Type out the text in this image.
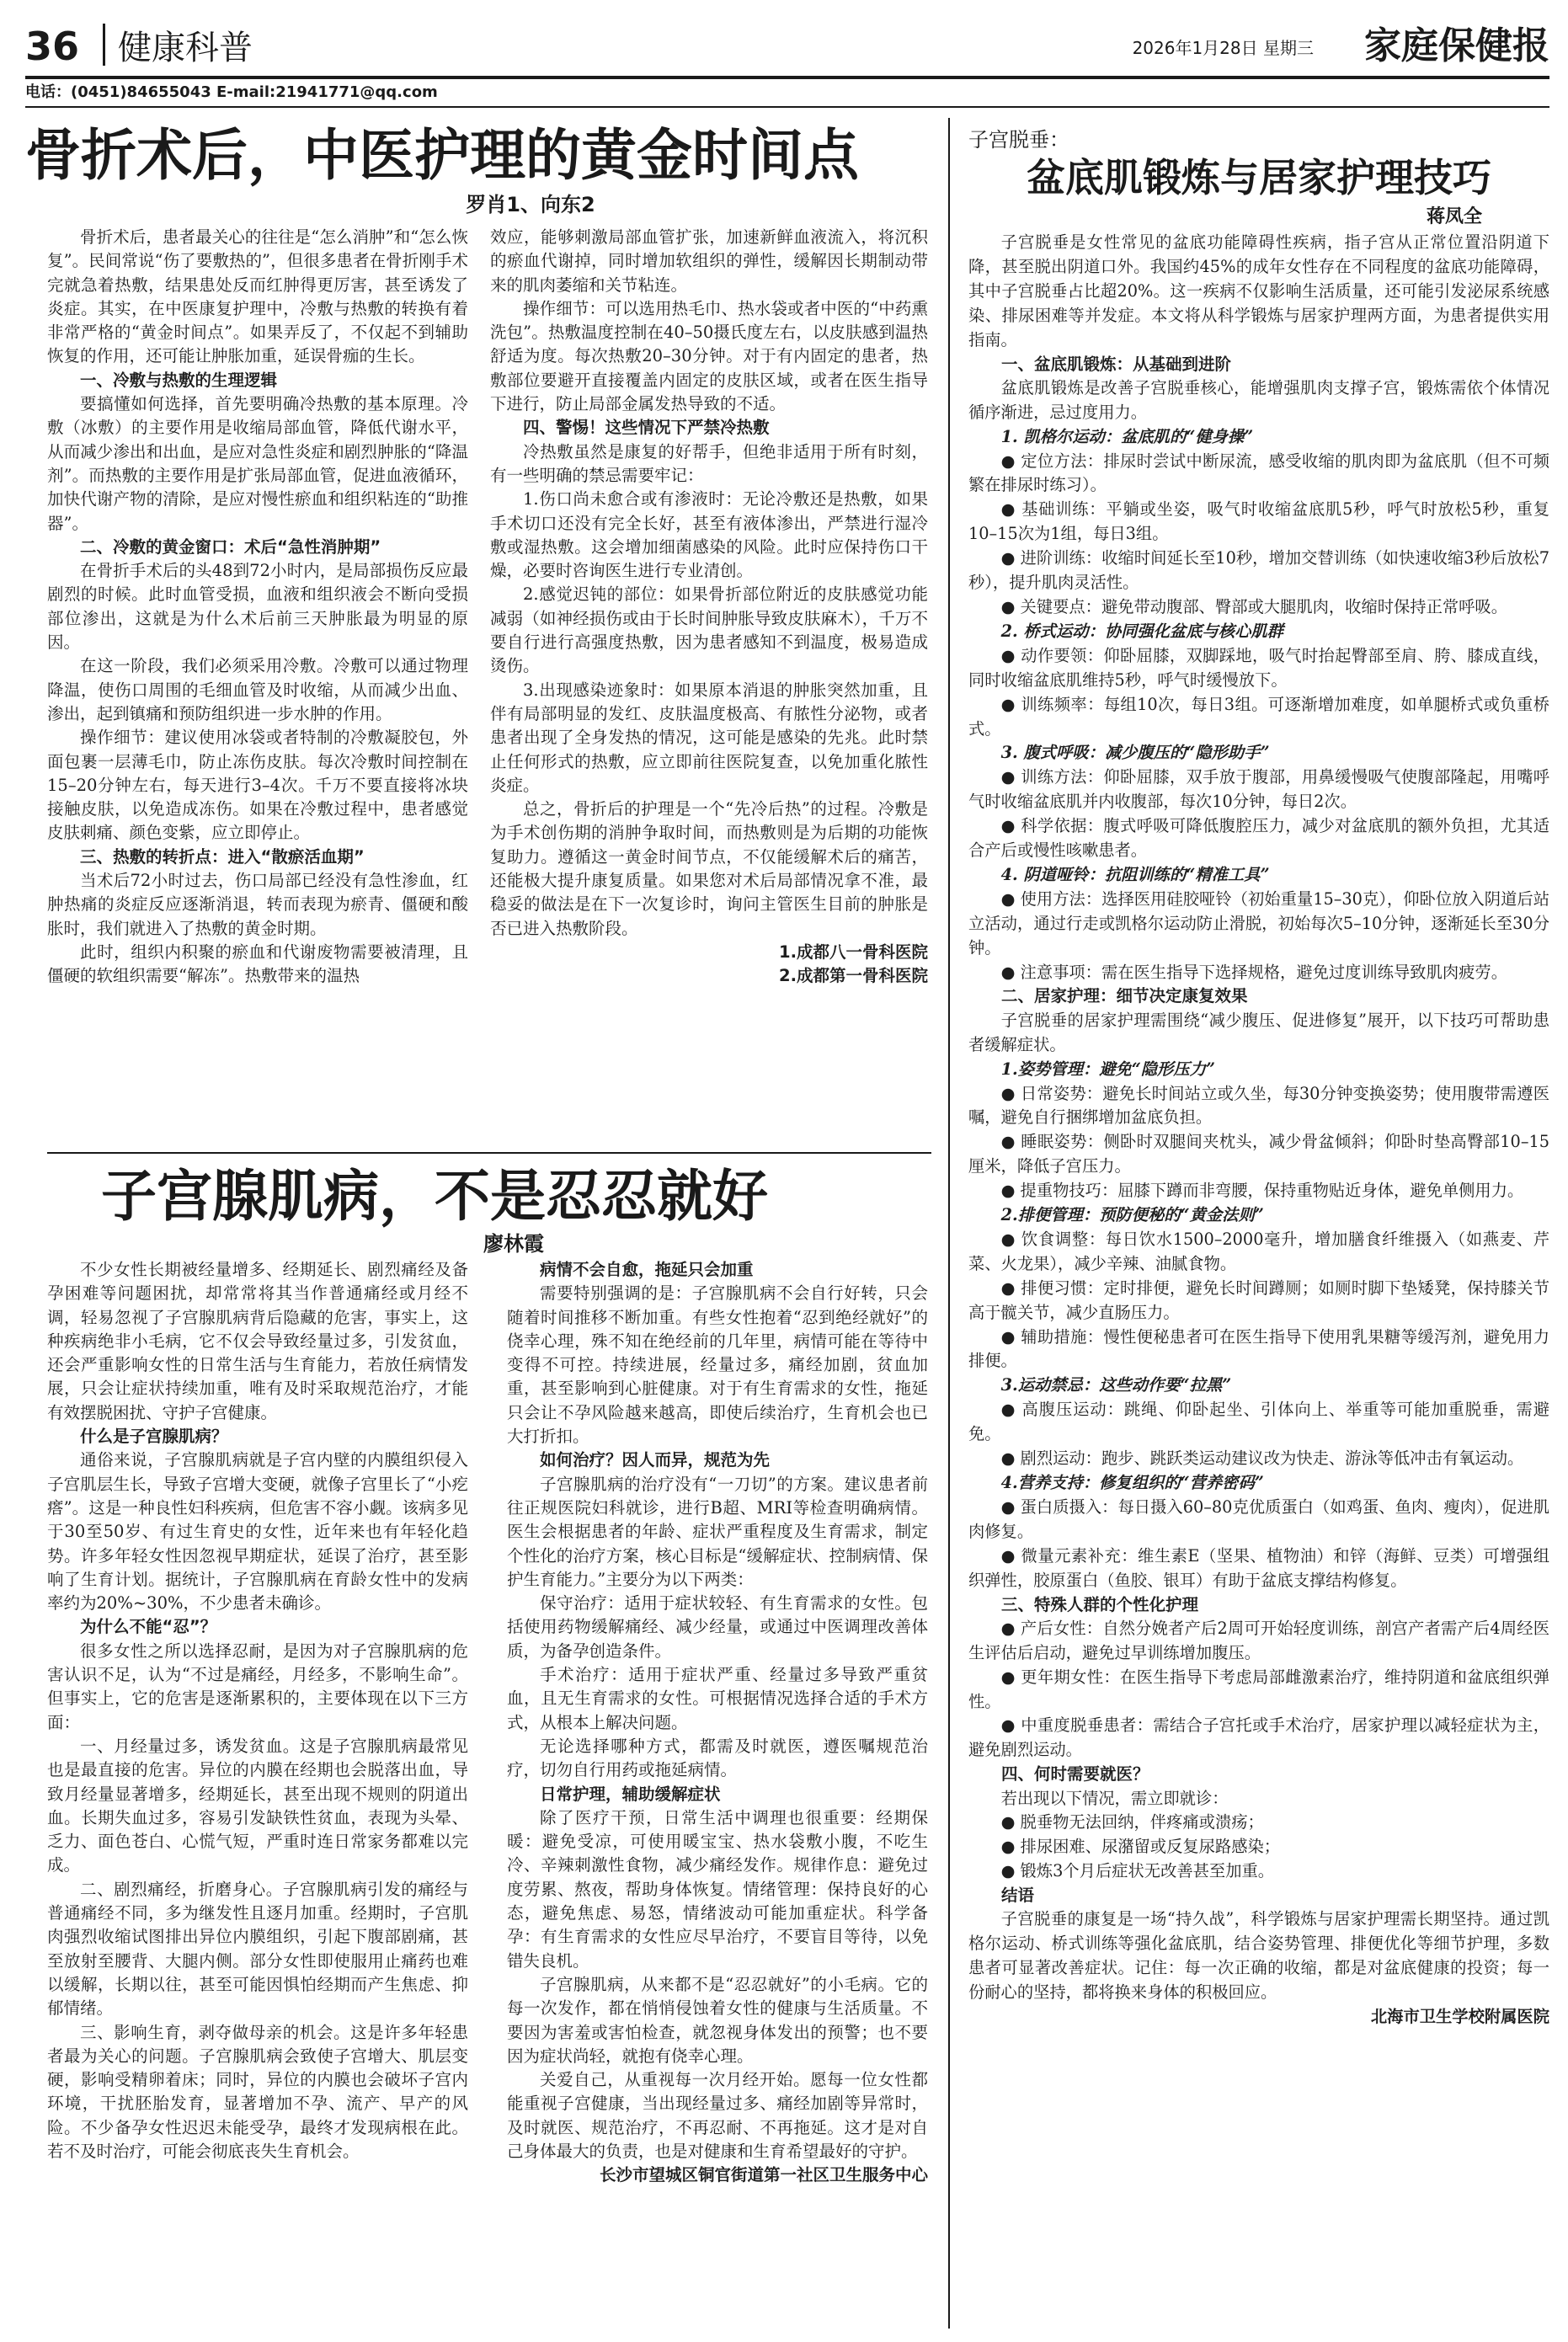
36 健康科普	2026年1月28日 星期三 家庭保健报
电话：(0451)84655043 E-mail:21941771@qq.com
骨折术后，中医护理的黄金时间点
罗肖1、向东2

骨折术后，患者最关心的往往是“怎么消肿”和“怎么恢复”。民间常说“伤了要敷热的”，但很多患者在骨折刚手术完就急着热敷，结果患处反而红肿得更厉害，甚至诱发了炎症。其实，在中医康复护理中，冷敷与热敷的转换有着非常严格的“黄金时间点”。如果弄反了，不仅起不到辅助恢复的作用，还可能让肿胀加重，延误骨痂的生长。

一、冷敷与热敷的生理逻辑

要搞懂如何选择，首先要明确冷热敷的基本原理。冷敷（冰敷）的主要作用是收缩局部血管，降低代谢水平，从而减少渗出和出血，是应对急性炎症和剧烈肿胀的“降温剂”。而热敷的主要作用是扩张局部血管，促进血液循环，加快代谢产物的清除，是应对慢性瘀血和组织粘连的“助推器”。

二、冷敷的黄金窗口：术后“急性消肿期”

在骨折手术后的头48到72小时内，是局部损伤反应最剧烈的时候。此时血管受损，血液和组织液会不断向受损部位渗出，这就是为什么术后前三天肿胀最为明显的原因。

在这一阶段，我们必须采用冷敷。冷敷可以通过物理降温，使伤口周围的毛细血管及时收缩，从而减少出血、渗出，起到镇痛和预防组织进一步水肿的作用。

操作细节：建议使用冰袋或者特制的冷敷凝胶包，外面包裹一层薄毛巾，防止冻伤皮肤。每次冷敷时间控制在15–20分钟左右，每天进行3–4次。千万不要直接将冰块接触皮肤，以免造成冻伤。如果在冷敷过程中，患者感觉皮肤刺痛、颜色变紫，应立即停止。

三、热敷的转折点：进入“散瘀活血期”

当术后72小时过去，伤口局部已经没有急性渗血，红肿热痛的炎症反应逐渐消退，转而表现为瘀青、僵硬和酸胀时，我们就进入了热敷的黄金时期。

此时，组织内积聚的瘀血和代谢废物需要被清理，且僵硬的软组织需要“解冻”。热敷带来的温热

效应，能够刺激局部血管扩张，加速新鲜血液流入，将沉积的瘀血代谢掉，同时增加软组织的弹性，缓解因长期制动带来的肌肉萎缩和关节粘连。

操作细节：可以选用热毛巾、热水袋或者中医的“中药熏洗包”。热敷温度控制在40–50摄氏度左右，以皮肤感到温热舒适为度。每次热敷20–30分钟。对于有内固定的患者，热敷部位要避开直接覆盖内固定的皮肤区域，或者在医生指导下进行，防止局部金属发热导致的不适。

四、警惕！这些情况下严禁冷热敷

冷热敷虽然是康复的好帮手，但绝非适用于所有时刻，有一些明确的禁忌需要牢记：

1.伤口尚未愈合或有渗液时：无论冷敷还是热敷，如果手术切口还没有完全长好，甚至有液体渗出，严禁进行湿冷敷或湿热敷。这会增加细菌感染的风险。此时应保持伤口干燥，必要时咨询医生进行专业清创。

2.感觉迟钝的部位：如果骨折部位附近的皮肤感觉功能减弱（如神经损伤或由于长时间肿胀导致皮肤麻木），千万不要自行进行高强度热敷，因为患者感知不到温度，极易造成烫伤。

3.出现感染迹象时：如果原本消退的肿胀突然加重，且伴有局部明显的发红、皮肤温度极高、有脓性分泌物，或者患者出现了全身发热的情况，这可能是感染的先兆。此时禁止任何形式的热敷，应立即前往医院复查，以免加重化脓性炎症。

总之，骨折后的护理是一个“先冷后热”的过程。冷敷是为手术创伤期的消肿争取时间，而热敷则是为后期的功能恢复助力。遵循这一黄金时间节点，不仅能缓解术后的痛苦，还能极大提升康复质量。如果您对术后局部情况拿不准，最稳妥的做法是在下一次复诊时，询问主管医生目前的肿胀是否已进入热敷阶段。

1.成都八一骨科医院

2.成都第一骨科医院

子宫腺肌病，不是忍忍就好
廖林霞

不少女性长期被经量增多、经期延长、剧烈痛经及备孕困难等问题困扰，却常常将其当作普通痛经或月经不调，轻易忽视了子宫腺肌病背后隐藏的危害，事实上，这种疾病绝非小毛病，它不仅会导致经量过多，引发贫血，还会严重影响女性的日常生活与生育能力，若放任病情发展，只会让症状持续加重，唯有及时采取规范治疗，才能有效摆脱困扰、守护子宫健康。

什么是子宫腺肌病？

通俗来说，子宫腺肌病就是子宫内壁的内膜组织侵入子宫肌层生长，导致子宫增大变硬，就像子宫里长了“小疙瘩”。这是一种良性妇科疾病，但危害不容小觑。该病多见于30至50岁、有过生育史的女性，近年来也有年轻化趋势。许多年轻女性因忽视早期症状，延误了治疗，甚至影响了生育计划。据统计，子宫腺肌病在育龄女性中的发病率约为20%~30%，不少患者未确诊。

为什么不能“忍”？

很多女性之所以选择忍耐，是因为对子宫腺肌病的危害认识不足，认为“不过是痛经，月经多，不影响生命”。但事实上，它的危害是逐渐累积的，主要体现在以下三方面：

一、月经量过多，诱发贫血。这是子宫腺肌病最常见也是最直接的危害。异位的内膜在经期也会脱落出血，导致月经量显著增多，经期延长，甚至出现不规则的阴道出血。长期失血过多，容易引发缺铁性贫血，表现为头晕、乏力、面色苍白、心慌气短，严重时连日常家务都难以完成。

二、剧烈痛经，折磨身心。子宫腺肌病引发的痛经与普通痛经不同，多为继发性且逐月加重。经期时，子宫肌肉强烈收缩试图排出异位内膜组织，引起下腹部剧痛，甚至放射至腰背、大腿内侧。部分女性即使服用止痛药也难以缓解，长期以往，甚至可能因惧怕经期而产生焦虑、抑郁情绪。

三、影响生育，剥夺做母亲的机会。这是许多年轻患者最为关心的问题。子宫腺肌病会致使子宫增大、肌层变硬，影响受精卵着床；同时，异位的内膜也会破坏子宫内环境，干扰胚胎发育，显著增加不孕、流产、早产的风险。不少备孕女性迟迟未能受孕，最终才发现病根在此。若不及时治疗，可能会彻底丧失生育机会。

病情不会自愈，拖延只会加重

需要特别强调的是：子宫腺肌病不会自行好转，只会随着时间推移不断加重。有些女性抱着“忍到绝经就好”的侥幸心理，殊不知在绝经前的几年里，病情可能在等待中变得不可控。持续进展，经量过多，痛经加剧，贫血加重，甚至影响到心脏健康。对于有生育需求的女性，拖延只会让不孕风险越来越高，即使后续治疗，生育机会也已大打折扣。

如何治疗？因人而异，规范为先

子宫腺肌病的治疗没有“一刀切”的方案。建议患者前往正规医院妇科就诊，进行B超、MRI等检查明确病情。医生会根据患者的年龄、症状严重程度及生育需求，制定个性化的治疗方案，核心目标是“缓解症状、控制病情、保护生育能力。”主要分为以下两类：

保守治疗：适用于症状较轻、有生育需求的女性。包括使用药物缓解痛经、减少经量，或通过中医调理改善体质，为备孕创造条件。

手术治疗：适用于症状严重、经量过多导致严重贫血，且无生育需求的女性。可根据情况选择合适的手术方式，从根本上解决问题。

无论选择哪种方式，都需及时就医，遵医嘱规范治疗，切勿自行用药或拖延病情。

日常护理，辅助缓解症状

除了医疗干预，日常生活中调理也很重要：经期保暖：避免受凉，可使用暖宝宝、热水袋敷小腹，不吃生冷、辛辣刺激性食物，减少痛经发作。规律作息：避免过度劳累、熬夜，帮助身体恢复。情绪管理：保持良好的心态，避免焦虑、易怒，情绪波动可能加重症状。科学备孕：有生育需求的女性应尽早治疗，不要盲目等待，以免错失良机。

子宫腺肌病，从来都不是“忍忍就好”的小毛病。它的每一次发作，都在悄悄侵蚀着女性的健康与生活质量。不要因为害羞或害怕检查，就忽视身体发出的预警；也不要因为症状尚轻，就抱有侥幸心理。

关爱自己，从重视每一次月经开始。愿每一位女性都能重视子宫健康，当出现经量过多、痛经加剧等异常时，及时就医、规范治疗，不再忍耐、不再拖延。这才是对自己身体最大的负责，也是对健康和生育希望最好的守护。

长沙市望城区铜官街道第一社区卫生服务中心

子宫脱垂：
盆底肌锻炼与居家护理技巧
蒋凤全

子宫脱垂是女性常见的盆底功能障碍性疾病，指子宫从正常位置沿阴道下降，甚至脱出阴道口外。我国约45%的成年女性存在不同程度的盆底功能障碍，其中子宫脱垂占比超20%。这一疾病不仅影响生活质量，还可能引发泌尿系统感染、排尿困难等并发症。本文将从科学锻炼与居家护理两方面，为患者提供实用指南。

一、盆底肌锻炼：从基础到进阶

盆底肌锻炼是改善子宫脱垂核心，能增强肌肉支撑子宫，锻炼需依个体情况循序渐进，忌过度用力。

1. 凯格尔运动：盆底肌的“健身操”

● 定位方法：排尿时尝试中断尿流，感受收缩的肌肉即为盆底肌（但不可频繁在排尿时练习）。

● 基础训练：平躺或坐姿，吸气时收缩盆底肌5秒，呼气时放松5秒，重复10–15次为1组，每日3组。

● 进阶训练：收缩时间延长至10秒，增加交替训练（如快速收缩3秒后放松7秒），提升肌肉灵活性。

● 关键要点：避免带动腹部、臀部或大腿肌肉，收缩时保持正常呼吸。

2. 桥式运动：协同强化盆底与核心肌群

● 动作要领：仰卧屈膝，双脚踩地，吸气时抬起臀部至肩、胯、膝成直线，同时收缩盆底肌维持5秒，呼气时缓慢放下。

● 训练频率：每组10次，每日3组。可逐渐增加难度，如单腿桥式或负重桥式。

3. 腹式呼吸：减少腹压的“隐形助手”

● 训练方法：仰卧屈膝，双手放于腹部，用鼻缓慢吸气使腹部隆起，用嘴呼气时收缩盆底肌并内收腹部，每次10分钟，每日2次。

● 科学依据：腹式呼吸可降低腹腔压力，减少对盆底肌的额外负担，尤其适合产后或慢性咳嗽患者。

4. 阴道哑铃：抗阻训练的“精准工具”

● 使用方法：选择医用硅胶哑铃（初始重量15–30克），仰卧位放入阴道后站立活动，通过行走或凯格尔运动防止滑脱，初始每次5–10分钟，逐渐延长至30分钟。

● 注意事项：需在医生指导下选择规格，避免过度训练导致肌肉疲劳。

二、居家护理：细节决定康复效果

子宫脱垂的居家护理需围绕“减少腹压、促进修复”展开，以下技巧可帮助患者缓解症状。

1.姿势管理：避免“隐形压力”

● 日常姿势：避免长时间站立或久坐，每30分钟变换姿势；使用腹带需遵医嘱，避免自行捆绑增加盆底负担。

● 睡眠姿势：侧卧时双腿间夹枕头，减少骨盆倾斜；仰卧时垫高臀部10–15厘米，降低子宫压力。

● 提重物技巧：屈膝下蹲而非弯腰，保持重物贴近身体，避免单侧用力。

2.排便管理：预防便秘的“黄金法则”

● 饮食调整：每日饮水1500–2000毫升，增加膳食纤维摄入（如燕麦、芹菜、火龙果），减少辛辣、油腻食物。

● 排便习惯：定时排便，避免长时间蹲厕；如厕时脚下垫矮凳，保持膝关节高于髋关节，减少直肠压力。

● 辅助措施：慢性便秘患者可在医生指导下使用乳果糖等缓泻剂，避免用力排便。

3.运动禁忌：这些动作要“拉黑”

● 高腹压运动：跳绳、仰卧起坐、引体向上、举重等可能加重脱垂，需避免。

● 剧烈运动：跑步、跳跃类运动建议改为快走、游泳等低冲击有氧运动。

4.营养支持：修复组织的“营养密码”

● 蛋白质摄入：每日摄入60–80克优质蛋白（如鸡蛋、鱼肉、瘦肉），促进肌肉修复。

● 微量元素补充：维生素E（坚果、植物油）和锌（海鲜、豆类）可增强组织弹性，胶原蛋白（鱼胶、银耳）有助于盆底支撑结构修复。

三、特殊人群的个性化护理

● 产后女性：自然分娩者产后2周可开始轻度训练，剖宫产者需产后4周经医生评估后启动，避免过早训练增加腹压。

● 更年期女性：在医生指导下考虑局部雌激素治疗，维持阴道和盆底组织弹性。

● 中重度脱垂患者：需结合子宫托或手术治疗，居家护理以减轻症状为主，避免剧烈运动。

四、何时需要就医？

若出现以下情况，需立即就诊：

● 脱垂物无法回纳，伴疼痛或溃疡；

● 排尿困难、尿潴留或反复尿路感染；

● 锻炼3个月后症状无改善甚至加重。

结语

子宫脱垂的康复是一场“持久战”，科学锻炼与居家护理需长期坚持。通过凯格尔运动、桥式训练等强化盆底肌，结合姿势管理、排便优化等细节护理，多数患者可显著改善症状。记住：每一次正确的收缩，都是对盆底健康的投资；每一份耐心的坚持，都将换来身体的积极回应。

北海市卫生学校附属医院
